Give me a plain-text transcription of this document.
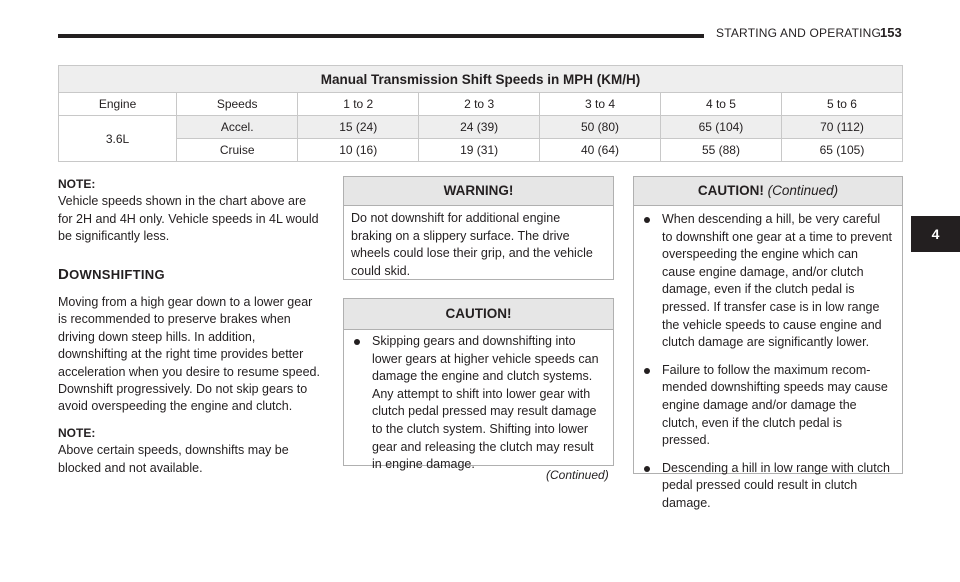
STARTING AND OPERATING
153
4
Manual Transmission Shift Speeds in MPH (KM/H)						
Engine	Speeds	1 to 2	2 to 3	3 to 4	4 to 5	5 to 6
3.6L	Accel.	15 (24)	24 (39)	50 (80)	65 (104)	70 (112)
	Cruise	10 (16)	19 (31)	40 (64)	55 (88)	65 (105)

NOTE:

Vehicle speeds shown in the chart above are for 2H and 4H only. Vehicle speeds in 4L would be significantly less.

DOWNSHIFTING

Moving from a high gear down to a lower gear is recommended to preserve brakes when driving down steep hills. In addition, downshifting at the right time provides better acceleration when you desire to resume speed. Downshift progressively. Do not skip gears to avoid overspeeding the engine and clutch.

NOTE:

Above certain speeds, downshifts may be blocked and not available.

WARNING!
Do not downshift for additional engine braking on a slippery surface. The drive wheels could lose their grip, and the vehicle could skid.
CAUTION!
Skipping gears and downshifting into lower gears at higher vehicle speeds can damage the engine and clutch systems. Any attempt to shift into lower gear with clutch pedal pressed may result damage to the clutch system. Shifting into lower gear and releasing the clutch may result in engine damage.
(Continued)
CAUTION! (Continued)
When descending a hill, be very careful to downshift one gear at a time to prevent overspeeding the engine which can cause engine damage, and/or clutch damage, even if the clutch pedal is pressed. If transfer case is in low range the vehicle speeds to cause engine and clutch damage are significantly lower.
Failure to follow the maximum recom-mended downshifting speeds may cause engine damage and/or damage the clutch, even if the clutch pedal is pressed.
Descending a hill in low range with clutch pedal pressed could result in clutch damage.
